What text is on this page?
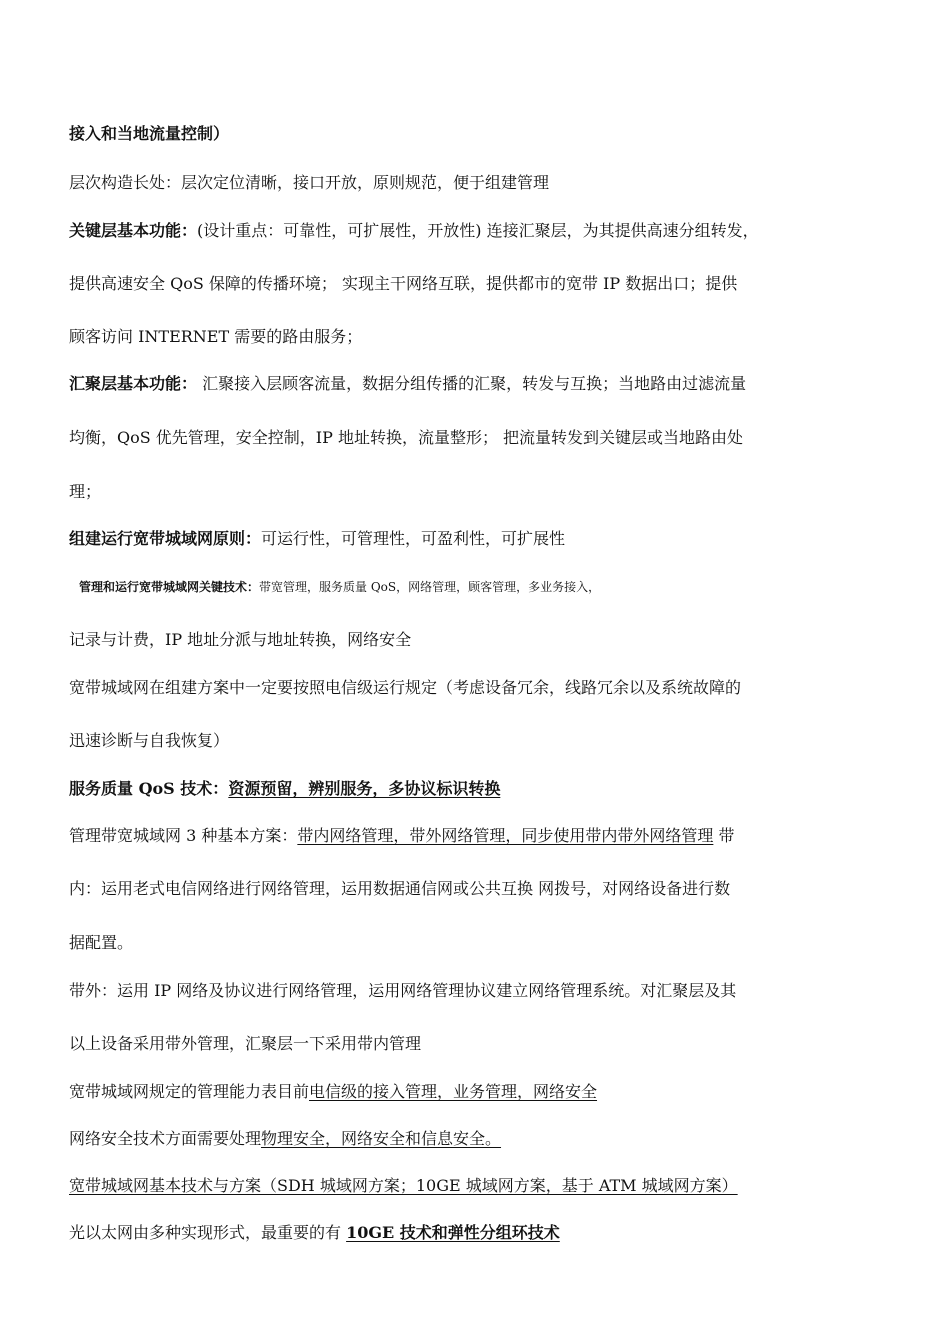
接入和当地流量控制）
层次构造长处：层次定位清晰，接口开放，原则规范，便于组建管理
关键层基本功能：(设计重点：可靠性，可扩展性，开放性) 连接汇聚层，为其提供高速分组转发，
提供高速安全 QoS 保障的传播环境； 实现主干网络互联，提供都市的宽带 IP 数据出口；提供
顾客访问 INTERNET 需要的路由服务；
汇聚层基本功能： 汇聚接入层顾客流量，数据分组传播的汇聚，转发与互换；当地路由过滤流量
均衡，QoS 优先管理，安全控制，IP 地址转换，流量整形； 把流量转发到关键层或当地路由处
理；
组建运行宽带城域网原则：可运行性，可管理性，可盈利性，可扩展性
管理和运行宽带城域网关键技术：带宽管理，服务质量 QoS，网络管理，顾客管理，多业务接入，
记录与计费，IP 地址分派与地址转换，网络安全
宽带城域网在组建方案中一定要按照电信级运行规定（考虑设备冗余，线路冗余以及系统故障的
迅速诊断与自我恢复）
服务质量 QoS 技术：资源预留，辨别服务，多协议标识转换
管理带宽城域网 3 种基本方案：带内网络管理，带外网络管理，同步使用带内带外网络管理 带
内：运用老式电信网络进行网络管理，运用数据通信网或公共互换 网拨号，对网络设备进行数
据配置。
带外：运用 IP 网络及协议进行网络管理，运用网络管理协议建立网络管理系统。对汇聚层及其
以上设备采用带外管理，汇聚层一下采用带内管理
宽带城域网规定的管理能力表目前电信级的接入管理，业务管理，网络安全
网络安全技术方面需要处理物理安全，网络安全和信息安全。
宽带城域网基本技术与方案（SDH 城域网方案；10GE 城域网方案，基于 ATM 城域网方案）
光以太网由多种实现形式，最重要的有 10GE 技术和弹性分组环技术
